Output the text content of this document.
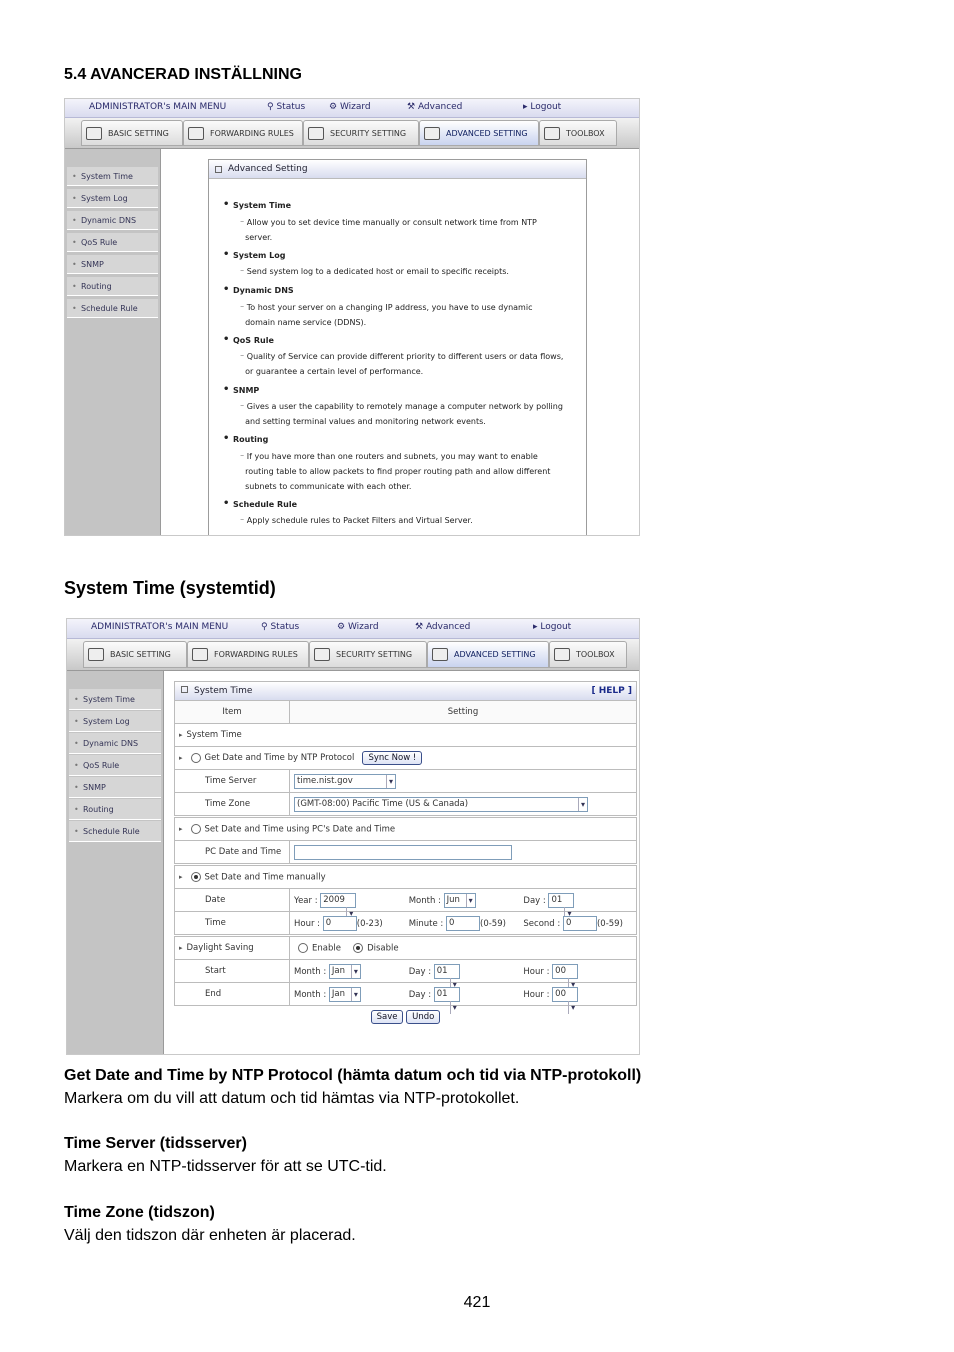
5.4 AVANCERAD INSTÄLLNING
ADMINISTRATOR's MAIN MENU	⚲ Status	⚙ Wizard	⚒ Advanced	▸ Logout
BASIC SETTING	FORWARDING RULES	SECURITY SETTING	ADVANCED SETTING	TOOLBOX
• System Time
• System Log
• Dynamic DNS
• QoS Rule
• SNMP
• Routing
• Schedule Rule
Advanced Setting
• System Time
⁻ Allow you to set device time manually or consult network time from NTP
server.
• System Log
⁻ Send system log to a dedicated host or email to specific receipts.
• Dynamic DNS
⁻ To host your server on a changing IP address, you have to use dynamic
domain name service (DDNS).
• QoS Rule
⁻ Quality of Service can provide different priority to different users or data flows,
or guarantee a certain level of performance.
• SNMP
⁻ Gives a user the capability to remotely manage a computer network by polling
and setting terminal values and monitoring network events.
• Routing
⁻ If you have more than one routers and subnets, you may want to enable
routing table to allow packets to find proper routing path and allow different
subnets to communicate with each other.
• Schedule Rule
⁻ Apply schedule rules to Packet Filters and Virtual Server.
System Time (systemtid)
ADMINISTRATOR's MAIN MENU	⚲ Status	⚙ Wizard	⚒ Advanced	▸ Logout
BASIC SETTING	FORWARDING RULES	SECURITY SETTING	ADVANCED SETTING	TOOLBOX
• System Time
• System Log
• Dynamic DNS
• QoS Rule
• SNMP
• Routing
• Schedule Rule
System Time	[ HELP ]
Item	Setting
▸ System Time	
▸ Get Date and Time by NTP Protocol Sync Now !	
Time Server	time.nist.gov ▾
Time Zone	(GMT-08:00) Pacific Time (US & Canada) ▾
▸ Set Date and Time using PC's Date and Time	
PC Date and Time	
▸ Set Date and Time manually	
Date	Year : 2009 ▾ Month : Jun ▾ Day : 01 ▾
Time	Hour : 0 (0-23) Minute : 0 (0-59) Second : 0 (0-59)
▸ Daylight Saving	Enable Disable
Start	Month : Jan ▾ Day : 01 ▾ Hour : 00 ▾
End	Month : Jan ▾ Day : 01 ▾ Hour : 00 ▾
Save Undo	
Get Date and Time by NTP Protocol (hämta datum och tid via NTP-protokoll)
Markera om du vill att datum och tid hämtas via NTP-protokollet.
Time Server (tidsserver)
Markera en NTP-tidsserver för att se UTC-tid.
Time Zone (tidszon)
Välj den tidszon där enheten är placerad.
421
